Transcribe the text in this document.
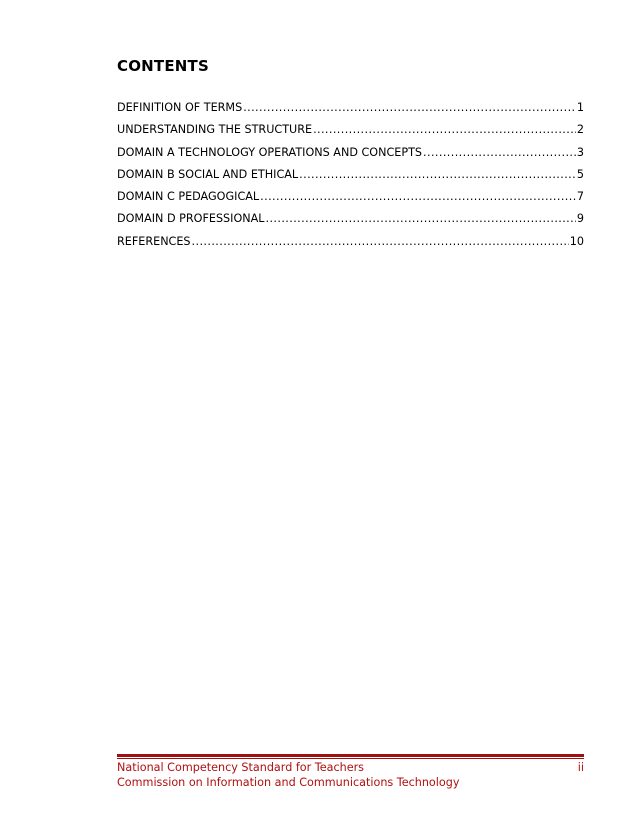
CONTENTS
DEFINITION OF TERMS .....	1
UNDERSTANDING THE STRUCTURE .....	2
DOMAIN A TECHNOLOGY OPERATIONS AND CONCEPTS .....	3
DOMAIN B SOCIAL AND ETHICAL .....	5
DOMAIN C PEDAGOGICAL .....	7
DOMAIN D PROFESSIONAL .....	9
REFERENCES .....	10
National Competency Standard for Teachers	ii
Commission on Information and Communications Technology
